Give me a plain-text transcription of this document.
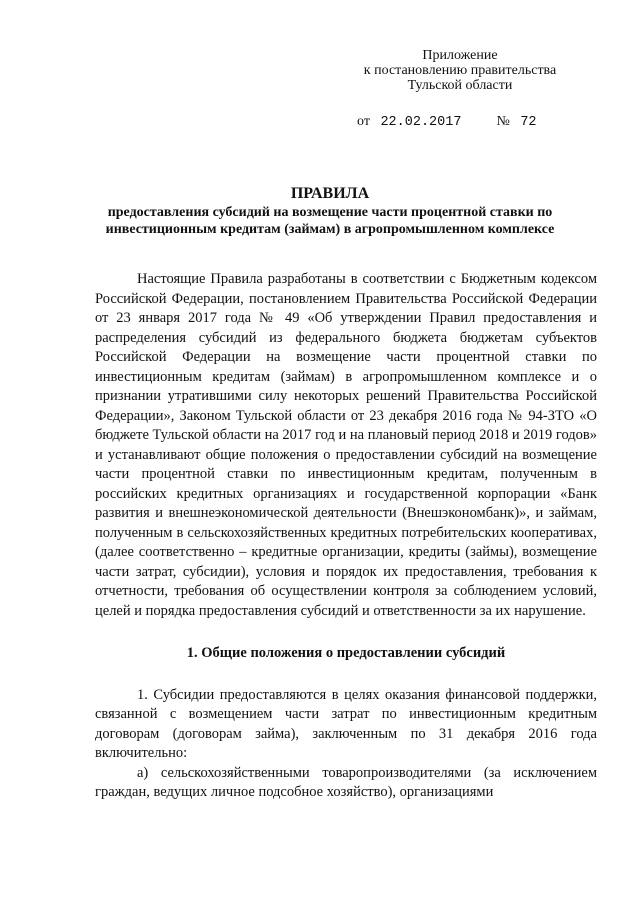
Приложение
к постановлению правительства
Тульской области
от 22.02.2017	№ 72
ПРАВИЛА
предоставления субсидий на возмещение части процентной ставки по инвестиционным кредитам (займам) в агропромышленном комплексе

Настоящие Правила разработаны в соответствии с Бюджетным кодексом Российской Федерации, постановлением Правительства Российской Федерации от 23 января 2017 года № 49 «Об утверждении Правил предоставления и распределения субсидий из федерального бюджета бюджетам субъектов Российской Федерации на возмещение части процентной ставки по инвестиционным кредитам (займам) в агропромышленном комплексе и о признании утратившими силу некоторых решений Правительства Российской Федерации», Законом Тульской области от 23 декабря 2016 года № 94-ЗТО «О бюджете Тульской области на 2017 год и на плановый период 2018 и 2019 годов» и устанавливают общие положения о предоставлении субсидий на возмещение части процентной ставки по инвестиционным кредитам, полученным в российских кредитных организациях и государственной корпорации «Банк развития и внешнеэкономической деятельности (Внешэкономбанк)», и займам, полученным в сельскохозяйственных кредитных потребительских кооперативах, (далее соответственно – кредитные организации, кредиты (займы), возмещение части затрат, субсидии), условия и порядок их предоставления, требования к отчетности, требования об осуществлении контроля за соблюдением условий, целей и порядка предоставления субсидий и ответственности за их нарушение.

1. Общие положения о предоставлении субсидий

1. Субсидии предоставляются в целях оказания финансовой поддержки, связанной с возмещением части затрат по инвестиционным кредитным договорам (договорам займа), заключенным по 31 декабря 2016 года включительно:

а) сельскохозяйственными товаропроизводителями (за исключением граждан, ведущих личное подсобное хозяйство), организациями
